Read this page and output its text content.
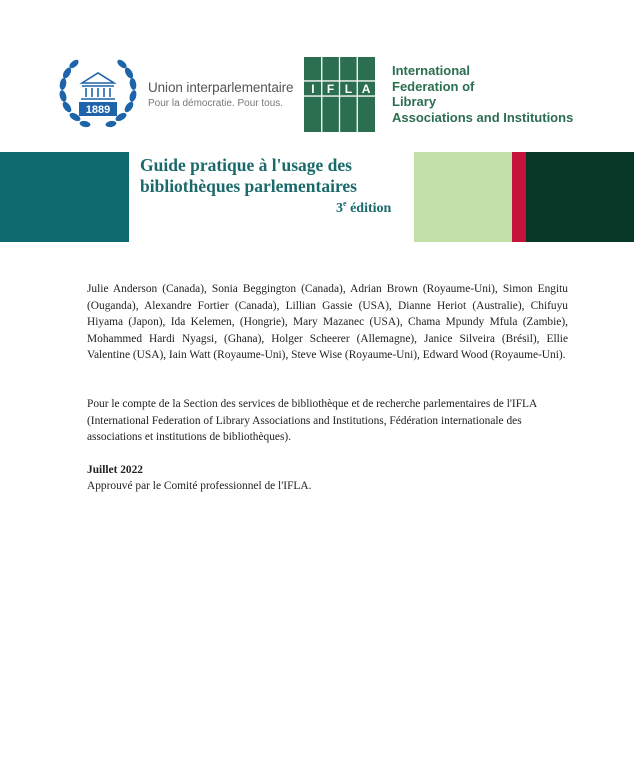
1889
Union interparlementaire
Pour la démocratie. Pour tous.
I F L A
International
Federation of
Library
Associations and Institutions
Guide pratique à l'usage des
bibliothèques parlementaires
3e édition
Julie Anderson (Canada), Sonia Beggington (Canada), Adrian Brown (Royaume-Uni), Simon Engitu (Ouganda), Alexandre Fortier (Canada), Lillian Gassie (USA), Dianne Heriot (Australie), Chifuyu Hiyama (Japon), Ida Kelemen, (Hongrie), Mary Mazanec (USA), Chama Mpundy Mfula (Zambie), Mohammed Hardi Nyagsi, (Ghana), Holger Scheerer (Allemagne), Janice Silveira (Brésil), Ellie Valentine (USA), Iain Watt (Royaume-Uni), Steve Wise (Royaume-Uni), Edward Wood (Royaume-Uni).
Pour le compte de la Section des services de bibliothèque et de recherche parlementaires de l'IFLA (International Federation of Library Associations and Institutions, Fédération internationale des associations et institutions de bibliothèques).
Juillet 2022
Approuvé par le Comité professionnel de l'IFLA.
